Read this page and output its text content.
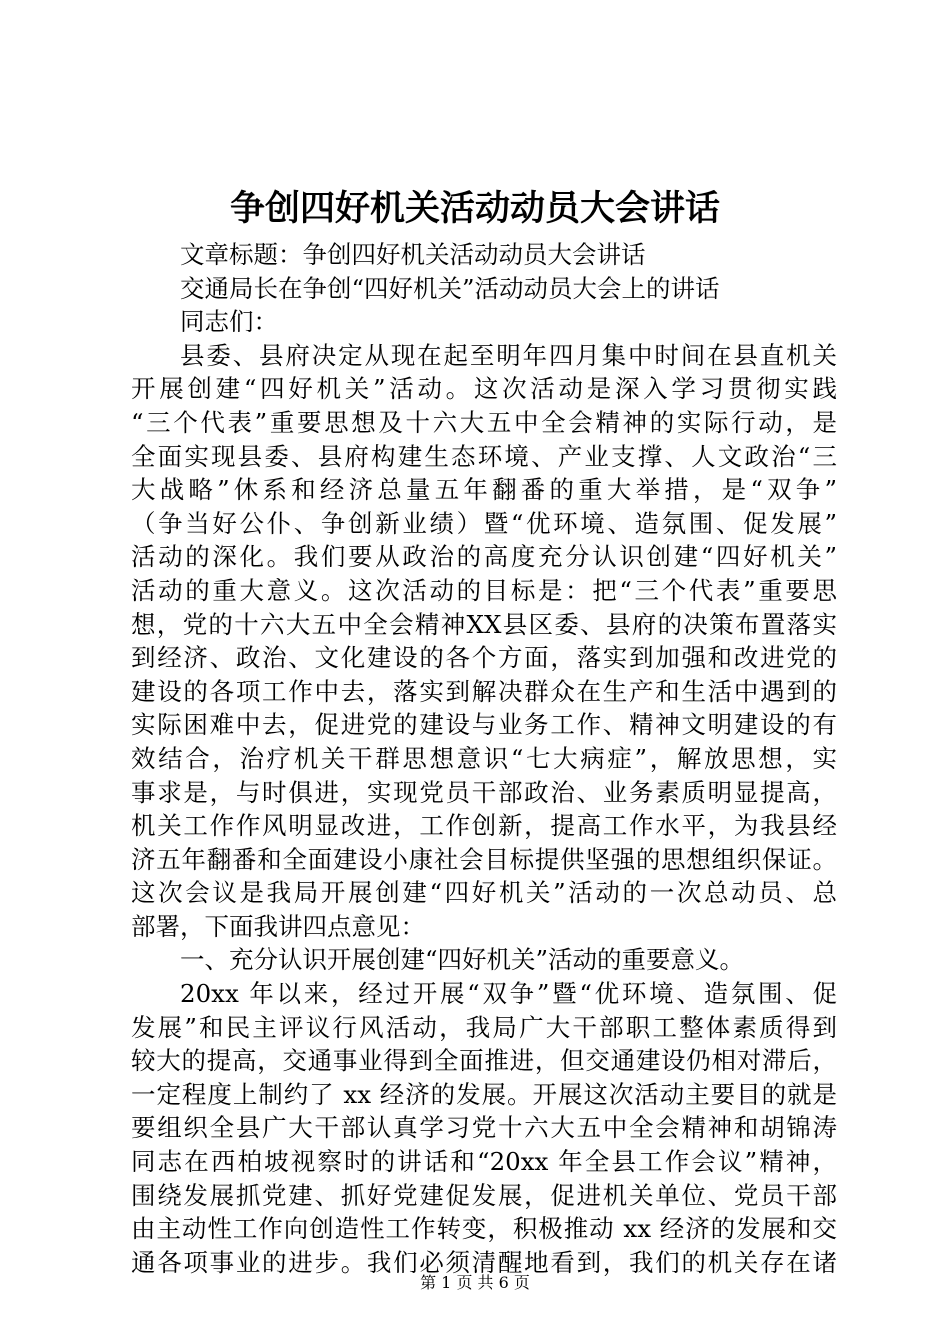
争创四好机关活动动员大会讲话
文章标题：争创四好机关活动动员大会讲话
交通局长在争创“四好机关”活动动员大会上的讲话
同志们：
县委、县府决定从现在起至明年四月集中时间在县直机关
开展创建“四好机关”活动。这次活动是深入学习贯彻实践
“三个代表”重要思想及十六大五中全会精神的实际行动，是
全面实现县委、县府构建生态环境、产业支撑、人文政治“三
大战略”休系和经济总量五年翻番的重大举措，是“双争”
（争当好公仆、争创新业绩）暨“优环境、造氛围、促发展”
活动的深化。我们要从政治的高度充分认识创建“四好机关”
活动的重大意义。这次活动的目标是：把“三个代表”重要思
想，党的十六大五中全会精神XX县区委、县府的决策布置落实
到经济、政治、文化建设的各个方面，落实到加强和改进党的
建设的各项工作中去，落实到解决群众在生产和生活中遇到的
实际困难中去，促进党的建设与业务工作、精神文明建设的有
效结合，治疗机关干群思想意识“七大病症”，解放思想，实
事求是，与时俱进，实现党员干部政治、业务素质明显提高，
机关工作作风明显改进，工作创新，提高工作水平，为我县经
济五年翻番和全面建设小康社会目标提供坚强的思想组织保证。
这次会议是我局开展创建“四好机关”活动的一次总动员、总
部署，下面我讲四点意见：
一、充分认识开展创建“四好机关”活动的重要意义。
20xx 年以来，经过开展“双争”暨“优环境、造氛围、促
发展”和民主评议行风活动，我局广大干部职工整体素质得到
较大的提高，交通事业得到全面推进，但交通建设仍相对滞后，
一定程度上制约了 xx 经济的发展。开展这次活动主要目的就是
要组织全县广大干部认真学习党十六大五中全会精神和胡锦涛
同志在西柏坡视察时的讲话和“20xx 年全县工作会议”精神，
围绕发展抓党建、抓好党建促发展，促进机关单位、党员干部
由主动性工作向创造性工作转变，积极推动 xx 经济的发展和交
通各项事业的进步。我们必须清醒地看到，我们的机关存在诸
第 1 页 共 6 页
